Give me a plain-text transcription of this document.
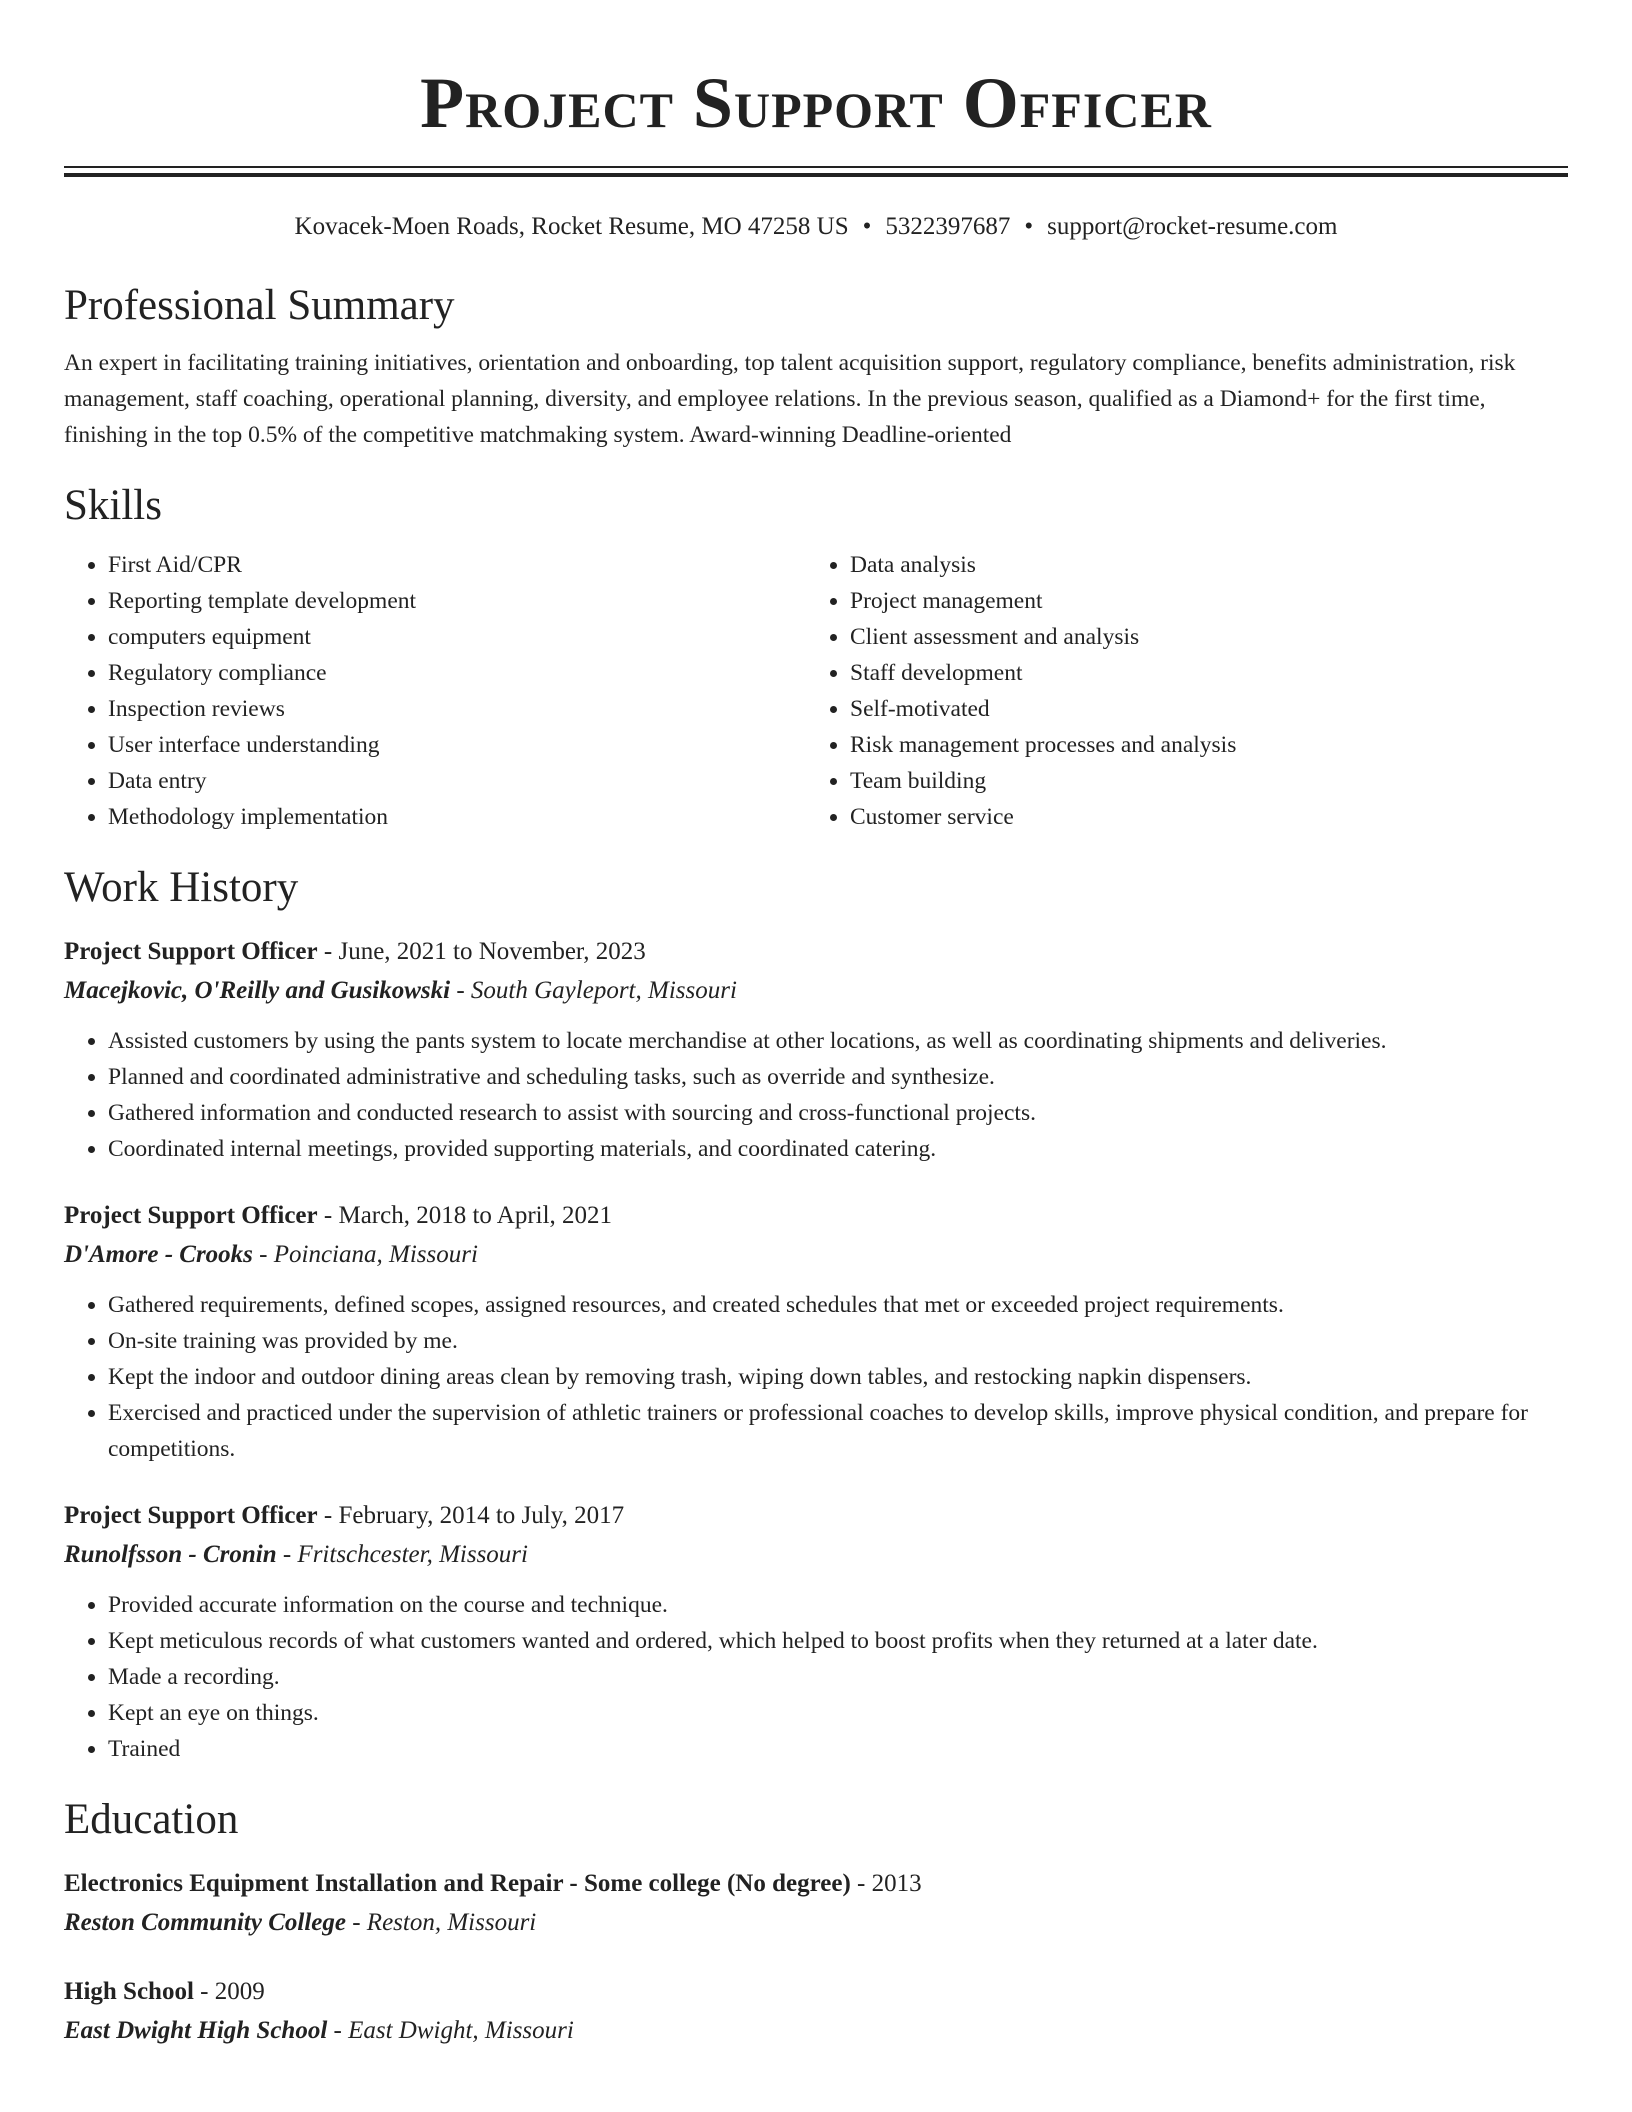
Project Support Officer
Kovacek-Moen Roads, Rocket Resume, MO 47258 US • 5322397687 • support@rocket-resume.com
Professional Summary
An expert in facilitating training initiatives, orientation and onboarding, top talent acquisition support, regulatory compliance, benefits administration, risk management, staff coaching, operational planning, diversity, and employee relations. In the previous season, qualified as a Diamond+ for the first time, finishing in the top 0.5% of the competitive matchmaking system. Award-winning Deadline-oriented
Skills
• First Aid/CPR
• Reporting template development
• computers equipment
• Regulatory compliance
• Inspection reviews
• User interface understanding
• Data entry
• Methodology implementation
• Data analysis
• Project management
• Client assessment and analysis
• Staff development
• Self-motivated
• Risk management processes and analysis
• Team building
• Customer service
Work History
Project Support Officer - June, 2021 to November, 2023
Macejkovic, O'Reilly and Gusikowski - South Gayleport, Missouri
• Assisted customers by using the pants system to locate merchandise at other locations, as well as coordinating shipments and deliveries.
• Planned and coordinated administrative and scheduling tasks, such as override and synthesize.
• Gathered information and conducted research to assist with sourcing and cross-functional projects.
• Coordinated internal meetings, provided supporting materials, and coordinated catering.
Project Support Officer - March, 2018 to April, 2021
D'Amore - Crooks - Poinciana, Missouri
• Gathered requirements, defined scopes, assigned resources, and created schedules that met or exceeded project requirements.
• On-site training was provided by me.
• Kept the indoor and outdoor dining areas clean by removing trash, wiping down tables, and restocking napkin dispensers.
• Exercised and practiced under the supervision of athletic trainers or professional coaches to develop skills, improve physical condition, and prepare for competitions.
Project Support Officer - February, 2014 to July, 2017
Runolfsson - Cronin - Fritschcester, Missouri
• Provided accurate information on the course and technique.
• Kept meticulous records of what customers wanted and ordered, which helped to boost profits when they returned at a later date.
• Made a recording.
• Kept an eye on things.
• Trained
Education
Electronics Equipment Installation and Repair - Some college (No degree) - 2013
Reston Community College - Reston, Missouri
High School - 2009
East Dwight High School - East Dwight, Missouri
